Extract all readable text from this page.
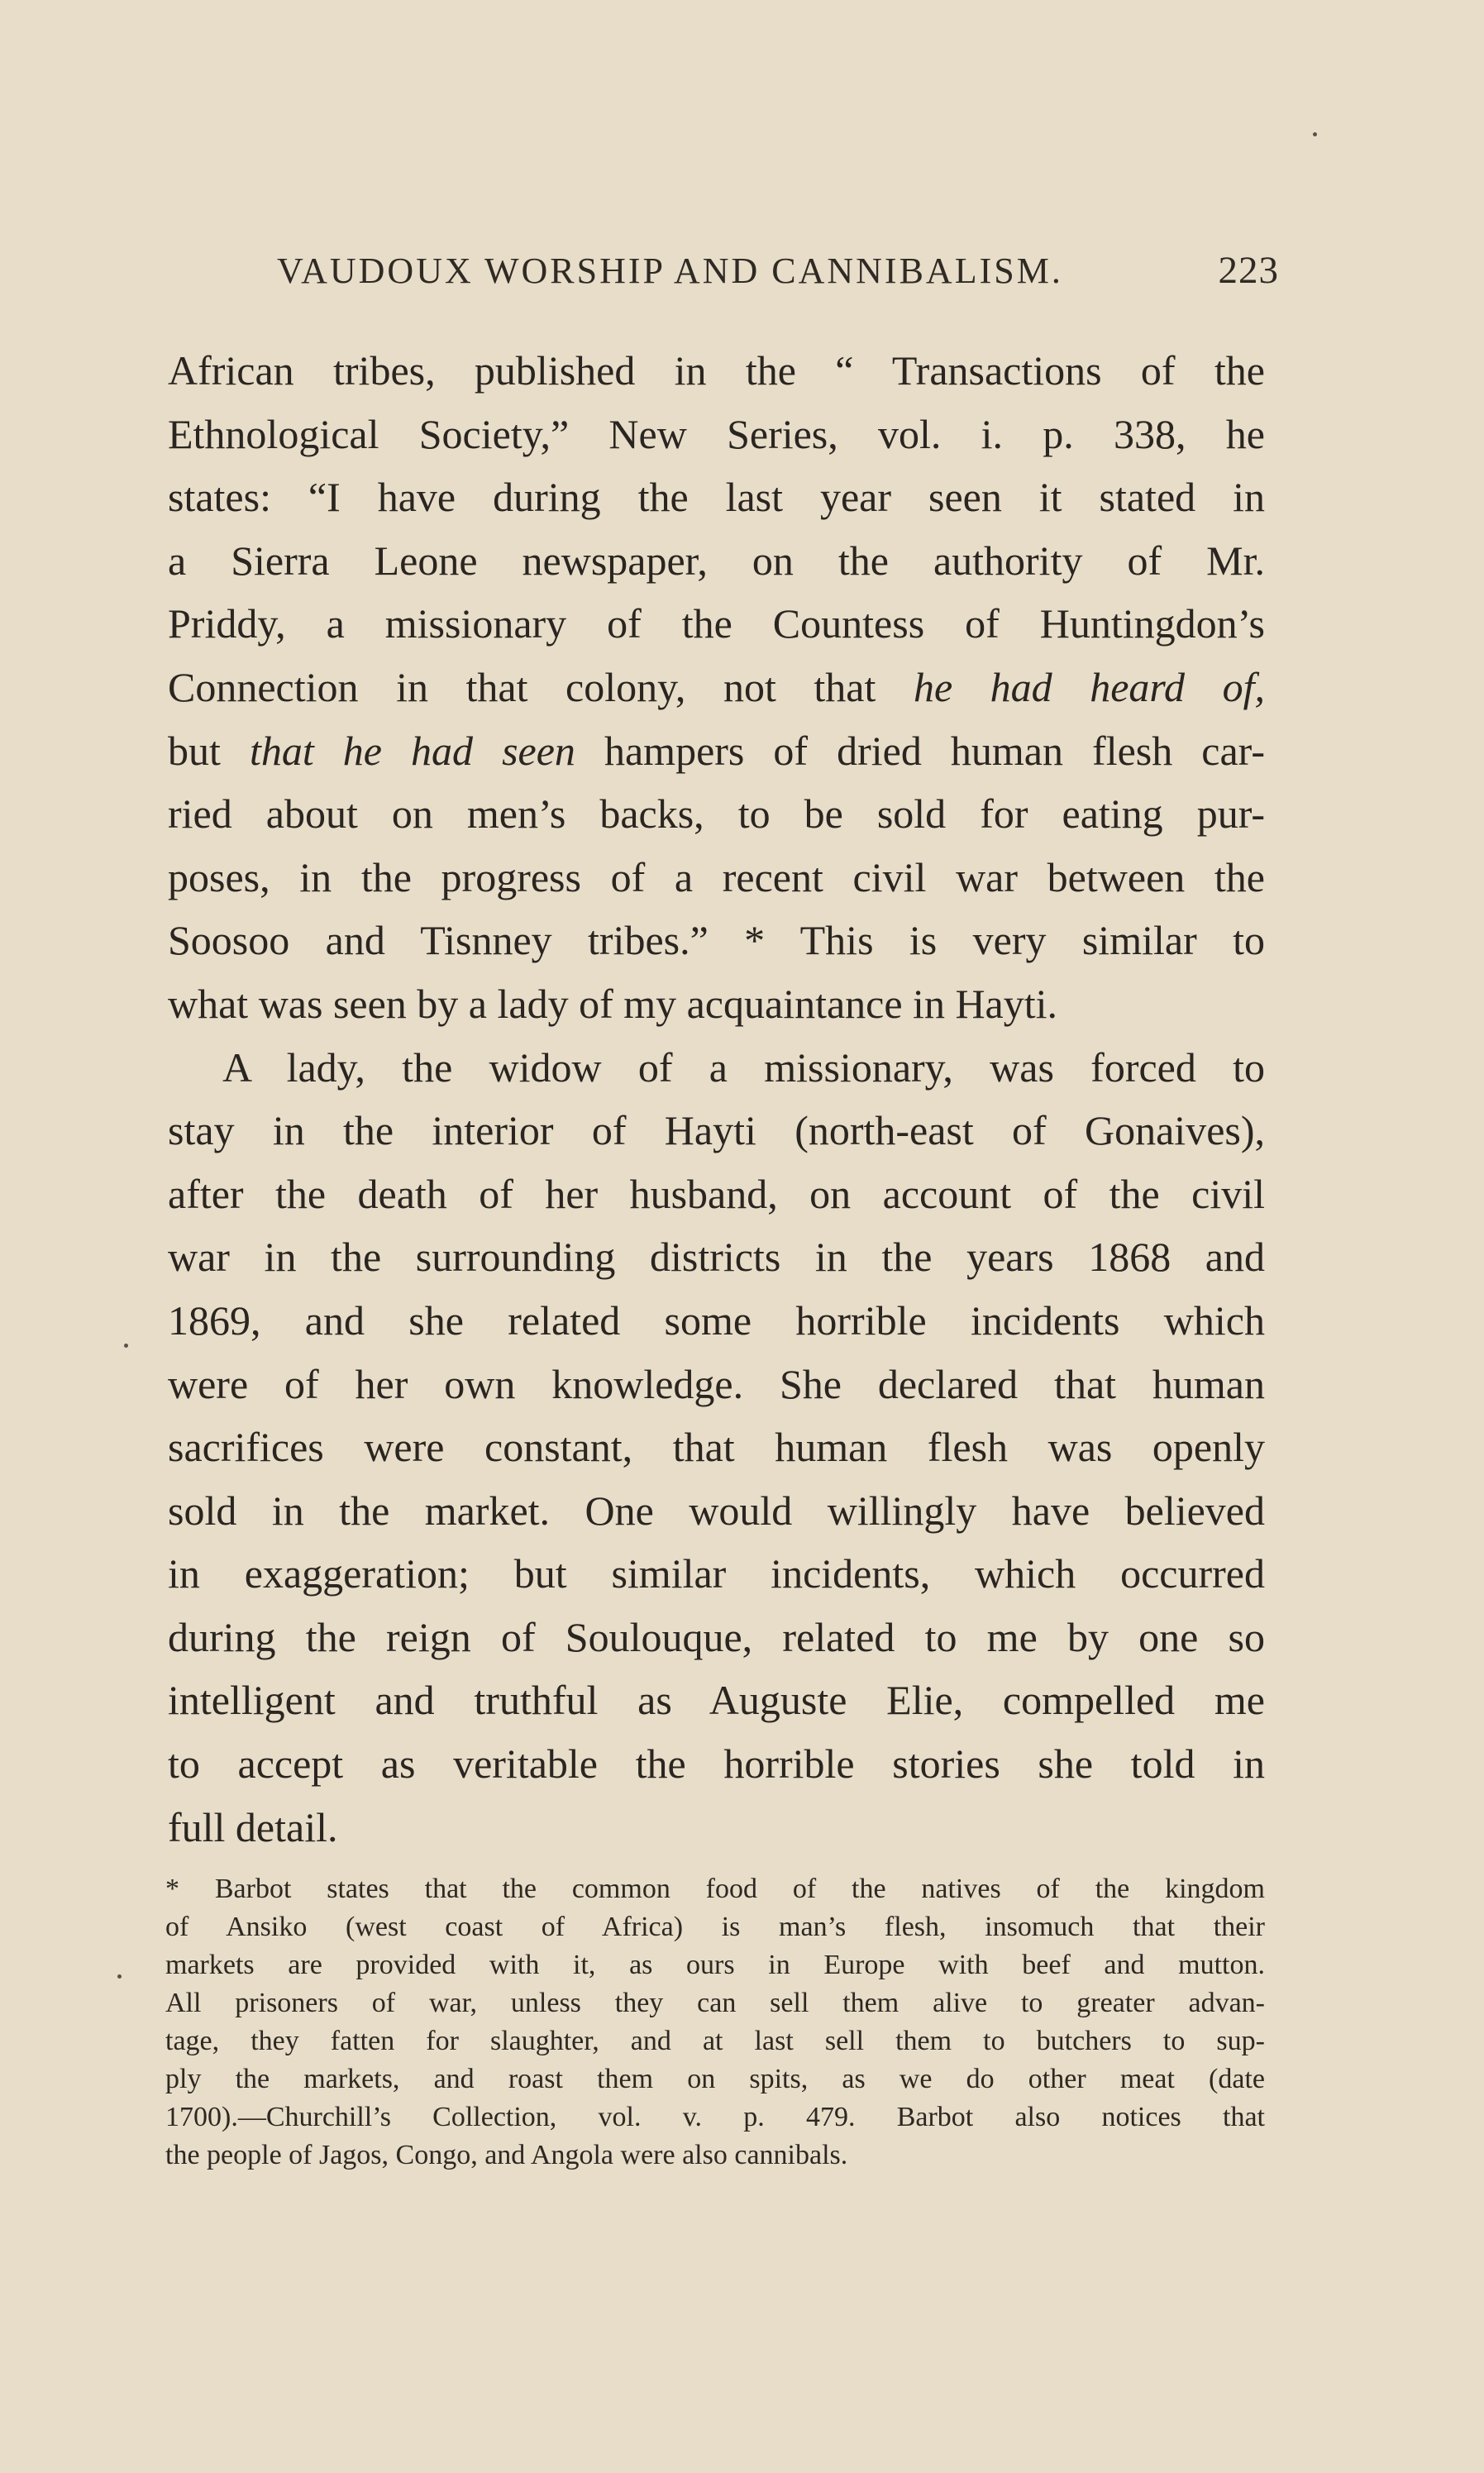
VAUDOUX WORSHIP AND CANNIBALISM.	223
African tribes, published in the “ Transactions of the
Ethnological Society,” New Series, vol. i. p. 338, he
states: “I have during the last year seen it stated in
a Sierra Leone newspaper, on the authority of Mr.
Priddy, a missionary of the Countess of Huntingdon’s
Connection in that colony, not that he had heard of,
but that he had seen hampers of dried human flesh car-
ried about on men’s backs, to be sold for eating pur-
poses, in the progress of a recent civil war between the
Soosoo and Tisnney tribes.” * This is very similar to
what was seen by a lady of my acquaintance in Hayti.
A lady, the widow of a missionary, was forced to
stay in the interior of Hayti (north-east of Gonaives),
after the death of her husband, on account of the civil
war in the surrounding districts in the years 1868 and
1869, and she related some horrible incidents which
were of her own knowledge. She declared that human
sacrifices were constant, that human flesh was openly
sold in the market. One would willingly have believed
in exaggeration; but similar incidents, which occurred
during the reign of Soulouque, related to me by one so
intelligent and truthful as Auguste Elie, compelled me
to accept as veritable the horrible stories she told in
full detail.
* Barbot states that the common food of the natives of the kingdom
of Ansiko (west coast of Africa) is man’s flesh, insomuch that their
markets are provided with it, as ours in Europe with beef and mutton.
All prisoners of war, unless they can sell them alive to greater advan-
tage, they fatten for slaughter, and at last sell them to butchers to sup-
ply the markets, and roast them on spits, as we do other meat (date
1700).—Churchill’s Collection, vol. v. p. 479. Barbot also notices that
the people of Jagos, Congo, and Angola were also cannibals.
